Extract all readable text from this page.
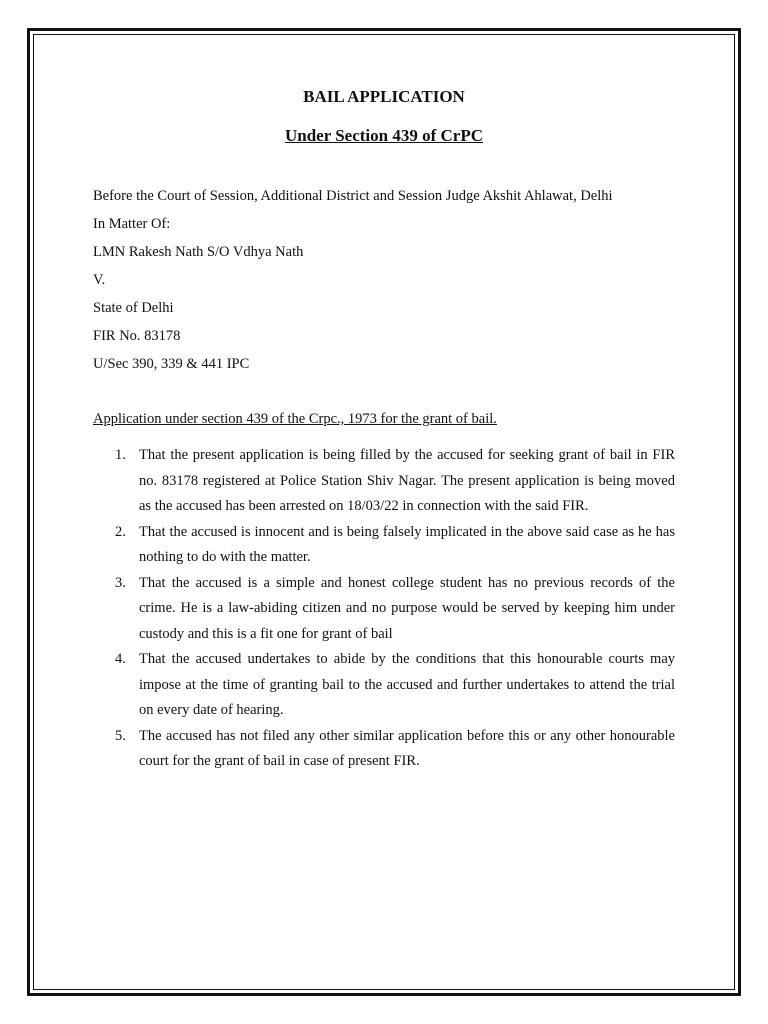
BAIL APPLICATION
Under Section 439 of CrPC

Before the Court of Session, Additional District and Session Judge Akshit Ahlawat, Delhi

In Matter Of:

LMN Rakesh Nath S/O Vdhya Nath

V.

State of Delhi

FIR No. 83178

U/Sec 390, 339 & 441 IPC

Application under section 439 of the Crpc., 1973 for the grant of bail.

1. That the present application is being filled by the accused for seeking grant of bail in FIR no. 83178 registered at Police Station Shiv Nagar. The present application is being moved as the accused has been arrested on 18/03/22 in connection with the said FIR.
2. That the accused is innocent and is being falsely implicated in the above said case as he has nothing to do with the matter.
3. That the accused is a simple and honest college student has no previous records of the crime. He is a law-abiding citizen and no purpose would be served by keeping him under custody and this is a fit one for grant of bail
4. That the accused undertakes to abide by the conditions that this honourable courts may impose at the time of granting bail to the accused and further undertakes to attend the trial on every date of hearing.
5. The accused has not filed any other similar application before this or any other honourable court for the grant of bail in case of present FIR.
